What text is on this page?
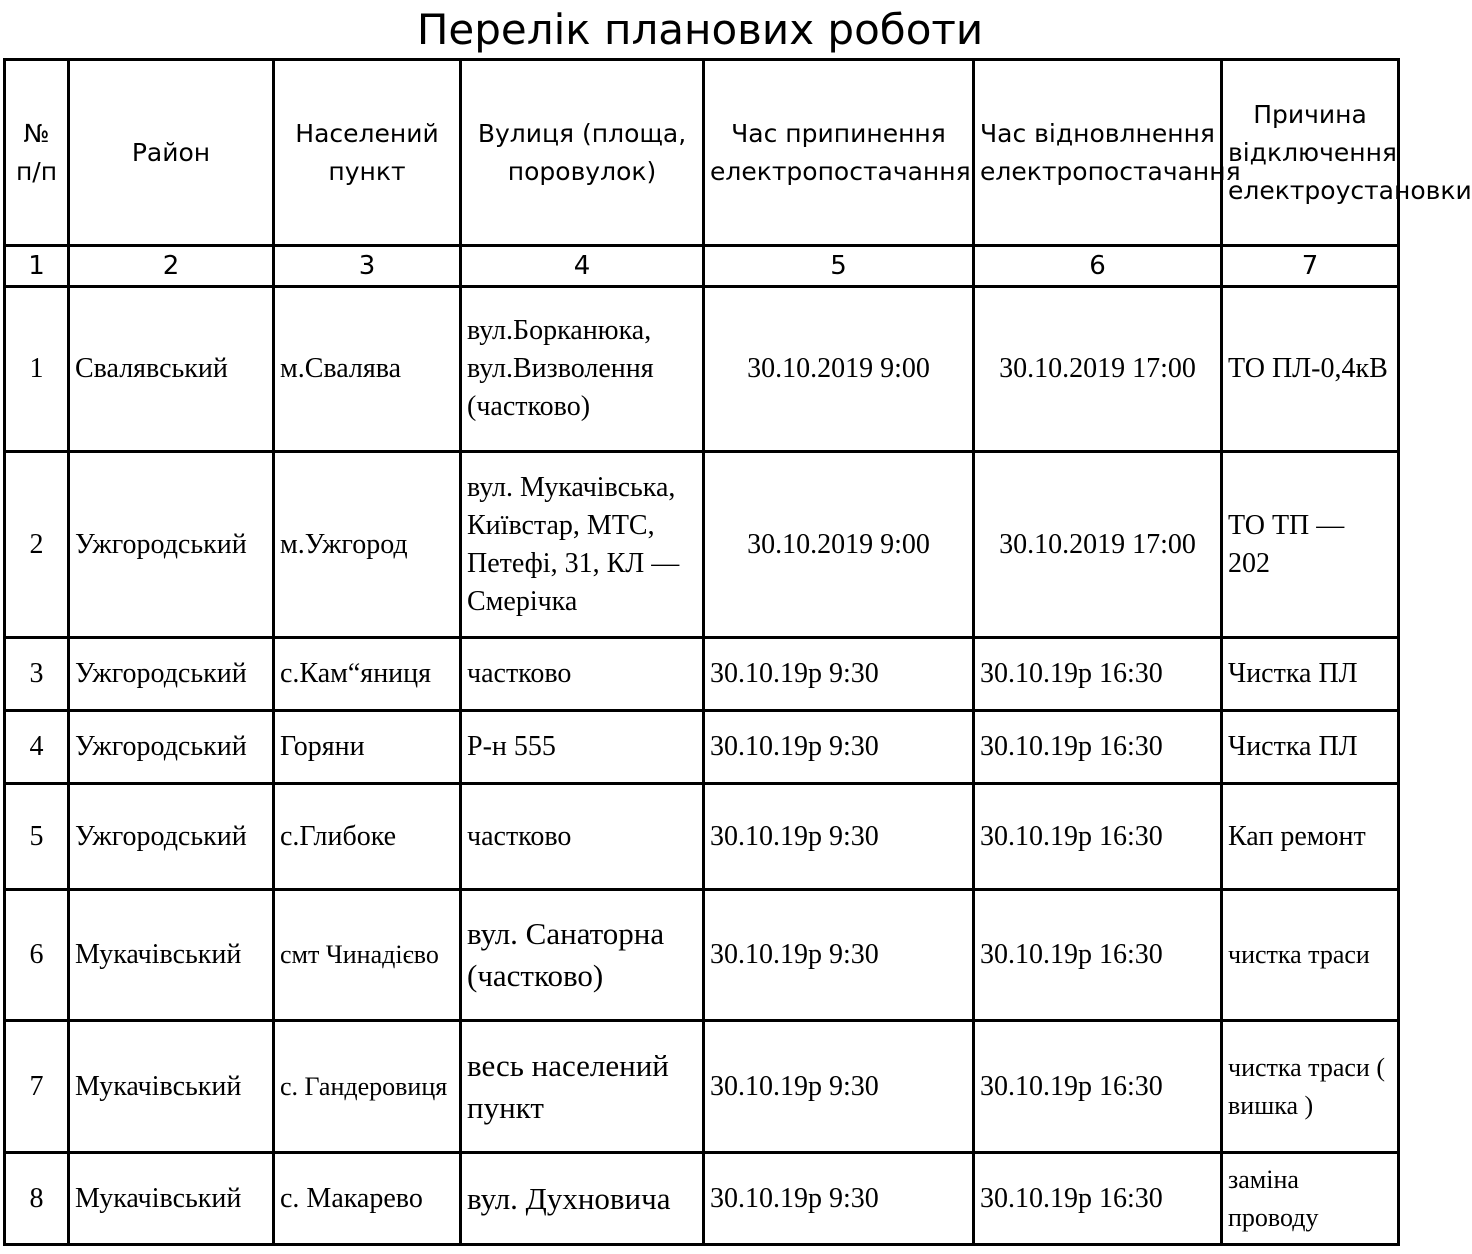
Перелік планових роботи
№ п/п	Район	Населений пункт	Вулиця (площа, поровулок)	Час припинення електропостачання	Час відновлнення електропостачання	Причина відключення електроустановки
1	2	3	4	5	6	7
1	Свалявський	м.Свалява	вул.Борканюка, вул.Визволення (частково)	30.10.2019 9:00	30.10.2019 17:00	ТО ПЛ-0,4кВ
2	Ужгородський	м.Ужгород	вул. Мукачівська, Київстар, МТС, Петефі, 31, КЛ — Смерічка	30.10.2019 9:00	30.10.2019 17:00	ТО ТП — 202
3	Ужгородський	с.Кам“яниця	частково	30.10.19р 9:30	30.10.19р 16:30	Чистка ПЛ
4	Ужгородський	Горяни	Р-н 555	30.10.19р 9:30	30.10.19р 16:30	Чистка ПЛ
5	Ужгородський	с.Глибоке	частково	30.10.19р 9:30	30.10.19р 16:30	Кап ремонт
6	Мукачівський	смт Чинадієво	вул. Санаторна (частково)	30.10.19р 9:30	30.10.19р 16:30	чистка траси
7	Мукачівський	с. Гандеровиця	весь населений пункт	30.10.19р 9:30	30.10.19р 16:30	чистка траси ( вишка )
8	Мукачівський	с. Макарево	вул. Духновича	30.10.19р 9:30	30.10.19р 16:30	заміна проводу
